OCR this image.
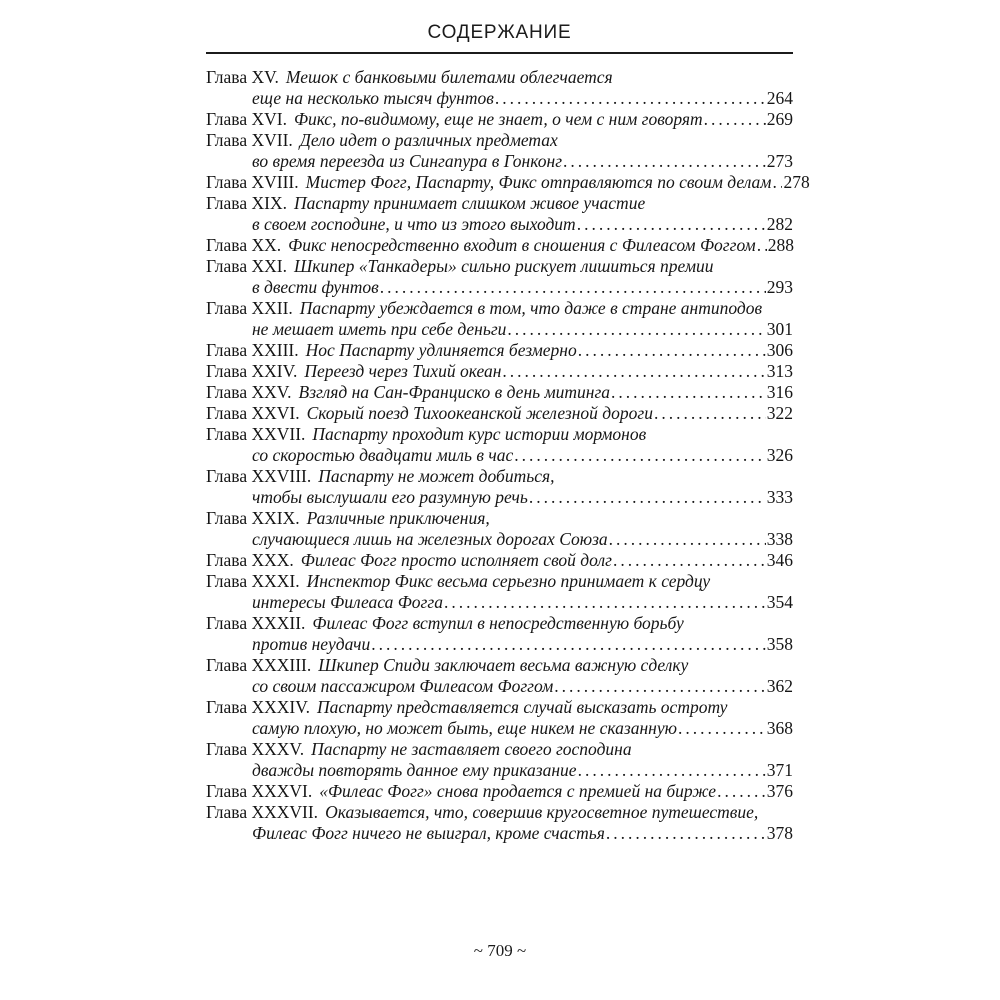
СОДЕРЖАНИЕ
Глава XV. Мешок с банковыми билетами облегчается
еще на несколько тысяч фунтов .....	264
Глава XVI. Фикс, по-видимому, еще не знает, о чем с ним говорят .....	269
Глава XVII. Дело идет о различных предметах
во время переезда из Сингапура в Гонконг .....	273
Глава XVIII. Мистер Фогг, Паспарту, Фикс отправляются по своим делам ..... 278
Глава XIX. Паспарту принимает слишком живое участие
в своем господине, и что из этого выходит .....	282
Глава XX. Фикс непосредственно входит в сношения с Филеасом Фоггом ..... 288
Глава XXI. Шкипер «Танкадеры» сильно рискует лишиться премии
в двести фунтов .....	293
Глава XXII. Паспарту убеждается в том, что даже в стране антиподов
не мешает иметь при себе деньги .....	301
Глава XXIII. Нос Паспарту удлиняется безмерно .....	306
Глава XXIV. Переезд через Тихий океан .....	313
Глава XXV. Взгляд на Сан-Франциско в день митинга .....	316
Глава XXVI. Скорый поезд Тихоокеанской железной дороги .....	322
Глава XXVII. Паспарту проходит курс истории мормонов
со скоростью двадцати миль в час .....	326
Глава XXVIII. Паспарту не может добиться,
чтобы выслушали его разумную речь .....	333
Глава XXIX. Различные приключения,
случающиеся лишь на железных дорогах Союза .....	338
Глава XXX. Филеас Фогг просто исполняет свой долг .....	346
Глава XXXI. Инспектор Фикс весьма серьезно принимает к сердцу
интересы Филеаса Фогга .....	354
Глава XXXII. Филеас Фогг вступил в непосредственную борьбу
против неудачи .....	358
Глава XXXIII. Шкипер Спиди заключает весьма важную сделку
со своим пассажиром Филеасом Фоггом .....	362
Глава XXXIV. Паспарту представляется случай высказать остроту
самую плохую, но может быть, еще никем не сказанную .....	368
Глава XXXV. Паспарту не заставляет своего господина
дважды повторять данное ему приказание .....	371
Глава XXXVI. «Филеас Фогг» снова продается с премией на бирже .....	376
Глава XXXVII. Оказывается, что, совершив кругосветное путешествие,
Филеас Фогг ничего не выиграл, кроме счастья .....	378
~ 709 ~
